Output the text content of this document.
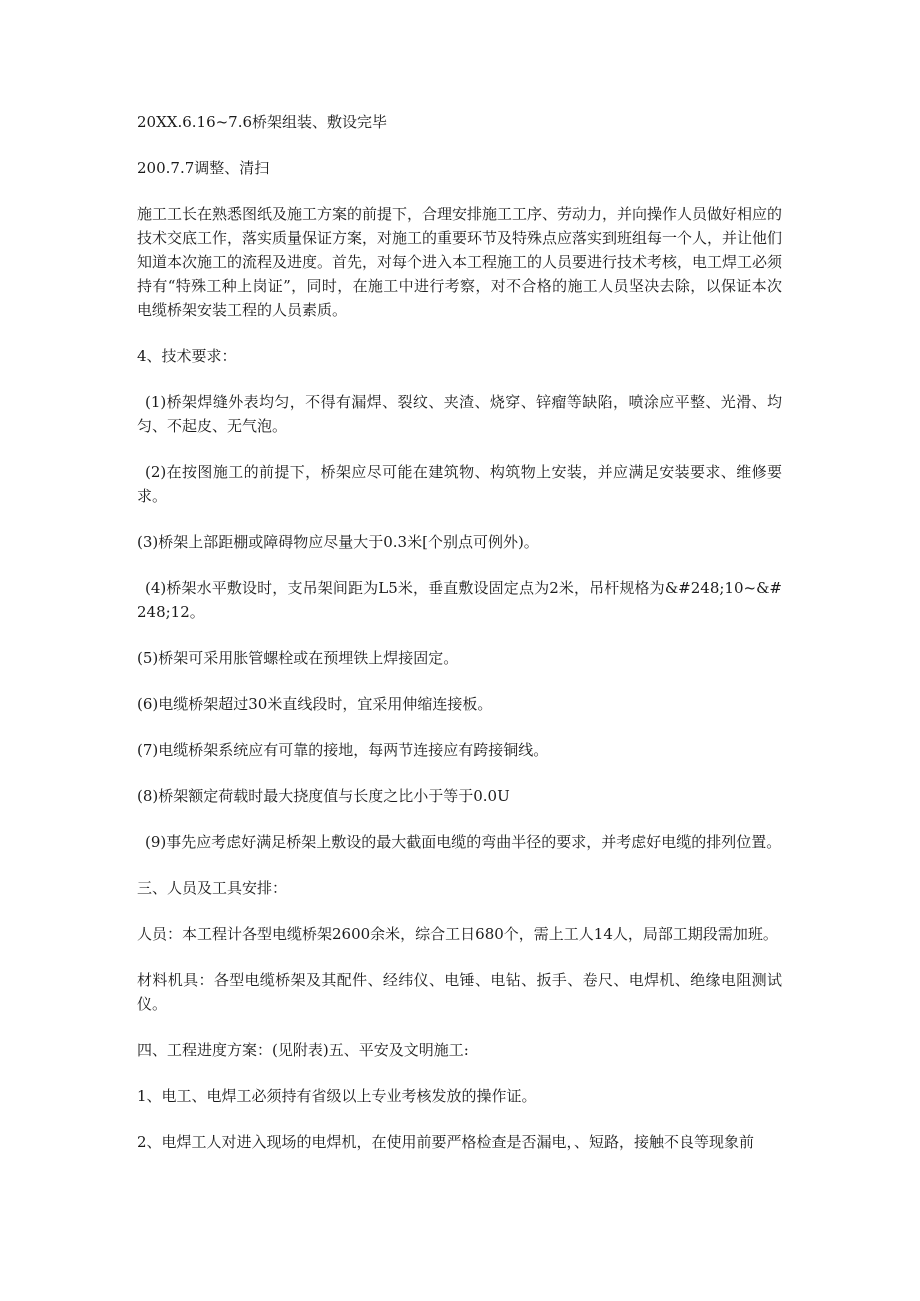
20XX.6.16~7.6桥架组装、敷设完毕

200.7.7调整、清扫

施工工长在熟悉图纸及施工方案的前提下，合理安排施工工序、劳动力，并向操作人员做好相应的技术交底工作，落实质量保证方案，对施工的重要环节及特殊点应落实到班组每一个人，并让他们知道本次施工的流程及进度。首先，对每个进入本工程施工的人员要进行技术考核，电工焊工必须持有“特殊工种上岗证”，同时，在施工中进行考察，对不合格的施工人员坚决去除，以保证本次电缆桥架安装工程的人员素质。

4、技术要求：

(1)桥架焊缝外表均匀，不得有漏焊、裂纹、夹渣、烧穿、锌瘤等缺陷，喷涂应平整、光滑、均匀、不起皮、无气泡。

(2)在按图施工的前提下，桥架应尽可能在建筑物、构筑物上安装，并应满足安装要求、维修要求。

(3)桥架上部距棚或障碍物应尽量大于0.3米[个别点可例外)。

(4)桥架水平敷设时，支吊架间距为L5米，垂直敷设固定点为2米，吊杆规格为&#248;10~&#248;12。

(5)桥架可采用胀管螺栓或在预埋铁上焊接固定。

(6)电缆桥架超过30米直线段时，宜采用伸缩连接板。

(7)电缆桥架系统应有可靠的接地，每两节连接应有跨接铜线。

(8)桥架额定荷载时最大挠度值与长度之比小于等于0.0U

(9)事先应考虑好满足桥架上敷设的最大截面电缆的弯曲半径的要求，并考虑好电缆的排列位置。

三、人员及工具安排：

人员：本工程计各型电缆桥架2600余米，综合工日680个，需上工人14人，局部工期段需加班。

材料机具：各型电缆桥架及其配件、经纬仪、电锤、电钻、扳手、卷尺、电焊机、绝缘电阻测试仪。

四、工程进度方案：(见附表)五、平安及文明施工:

1、电工、电焊工必须持有省级以上专业考核发放的操作证。

2、电焊工人对进入现场的电焊机，在使用前要严格检查是否漏电，、短路，接触不良等现象前
